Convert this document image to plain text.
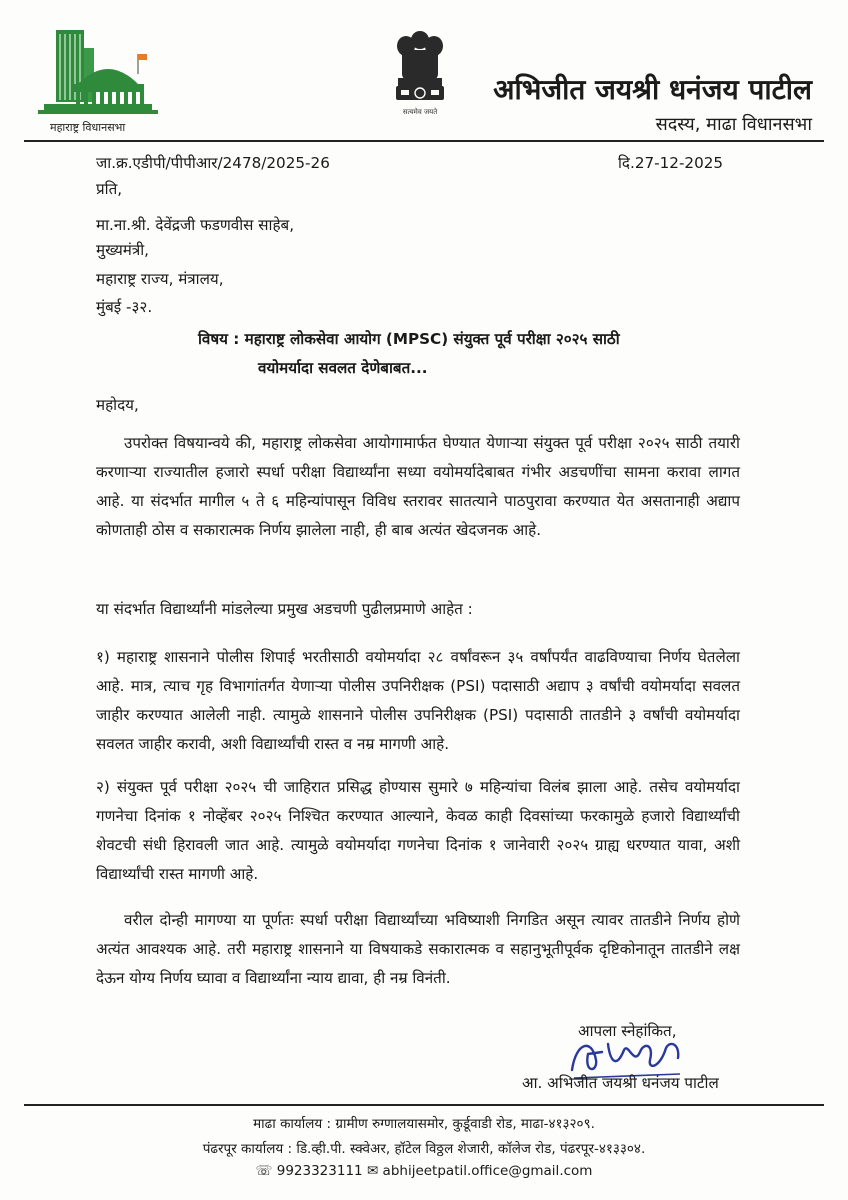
महाराष्ट्र विधानसभा
सत्यमेव जयते
अभिजीत जयश्री धनंजय पाटील
सदस्य, माढा विधानसभा
जा.क्र.एडीपी/पीपीआर/2478/2025-26	दि.27-12-2025
प्रति,
मा.ना.श्री. देवेंद्रजी फडणवीस साहेब,
मुख्यमंत्री,
महाराष्ट्र राज्य, मंत्रालय,
मुंबई -३२.
विषय : महाराष्ट्र लोकसेवा आयोग (MPSC) संयुक्त पूर्व परीक्षा २०२५ साठी
वयोमर्यादा सवलत देणेबाबत...
महोदय,

उपरोक्त विषयान्वये की, महाराष्ट्र लोकसेवा आयोगामार्फत घेण्यात येणाऱ्या संयुक्त पूर्व परीक्षा २०२५ साठी तयारी करणाऱ्या राज्यातील हजारो स्पर्धा परीक्षा विद्यार्थ्यांना सध्या वयोमर्यादेबाबत गंभीर अडचणींचा सामना करावा लागत आहे. या संदर्भात मागील ५ ते ६ महिन्यांपासून विविध स्तरावर सातत्याने पाठपुरावा करण्यात येत असतानाही अद्याप कोणताही ठोस व सकारात्मक निर्णय झालेला नाही, ही बाब अत्यंत खेदजनक आहे.

या संदर्भात विद्यार्थ्यांनी मांडलेल्या प्रमुख अडचणी पुढीलप्रमाणे आहेत :

१) महाराष्ट्र शासनाने पोलीस शिपाई भरतीसाठी वयोमर्यादा २८ वर्षांवरून ३५ वर्षांपर्यंत वाढविण्याचा निर्णय घेतलेला आहे. मात्र, त्याच गृह विभागांतर्गत येणाऱ्या पोलीस उपनिरीक्षक (PSI) पदासाठी अद्याप ३ वर्षांची वयोमर्यादा सवलत जाहीर करण्यात आलेली नाही. त्यामुळे शासनाने पोलीस उपनिरीक्षक (PSI) पदासाठी तातडीने ३ वर्षांची वयोमर्यादा सवलत जाहीर करावी, अशी विद्यार्थ्यांची रास्त व नम्र मागणी आहे.

२) संयुक्त पूर्व परीक्षा २०२५ ची जाहिरात प्रसिद्ध होण्यास सुमारे ७ महिन्यांचा विलंब झाला आहे. तसेच वयोमर्यादा गणनेचा दिनांक १ नोव्हेंबर २०२५ निश्चित करण्यात आल्याने, केवळ काही दिवसांच्या फरकामुळे हजारो विद्यार्थ्यांची शेवटची संधी हिरावली जात आहे. त्यामुळे वयोमर्यादा गणनेचा दिनांक १ जानेवारी २०२५ ग्राह्य धरण्यात यावा, अशी विद्यार्थ्यांची रास्त मागणी आहे.

वरील दोन्ही मागण्या या पूर्णतः स्पर्धा परीक्षा विद्यार्थ्यांच्या भविष्याशी निगडित असून त्यावर तातडीने निर्णय होणे अत्यंत आवश्यक आहे. तरी महाराष्ट्र शासनाने या विषयाकडे सकारात्मक व सहानुभूतीपूर्वक दृष्टिकोनातून तातडीने लक्ष देऊन योग्य निर्णय घ्यावा व विद्यार्थ्यांना न्याय द्यावा, ही नम्र विनंती.

आपला स्नेहांकित,
आ. अभिजीत जयश्री धनंजय पाटील
माढा कार्यालय : ग्रामीण रुग्णालयासमोर, कुर्डूवाडी रोड, माढा-४१३२०९.
पंढरपूर कार्यालय : डि.व्ही.पी. स्क्वेअर, हॉटेल विठ्ठल शेजारी, कॉलेज रोड, पंढरपूर-४१३३०४.
☏ 9923323111 ✉ abhijeetpatil.office@gmail.com
